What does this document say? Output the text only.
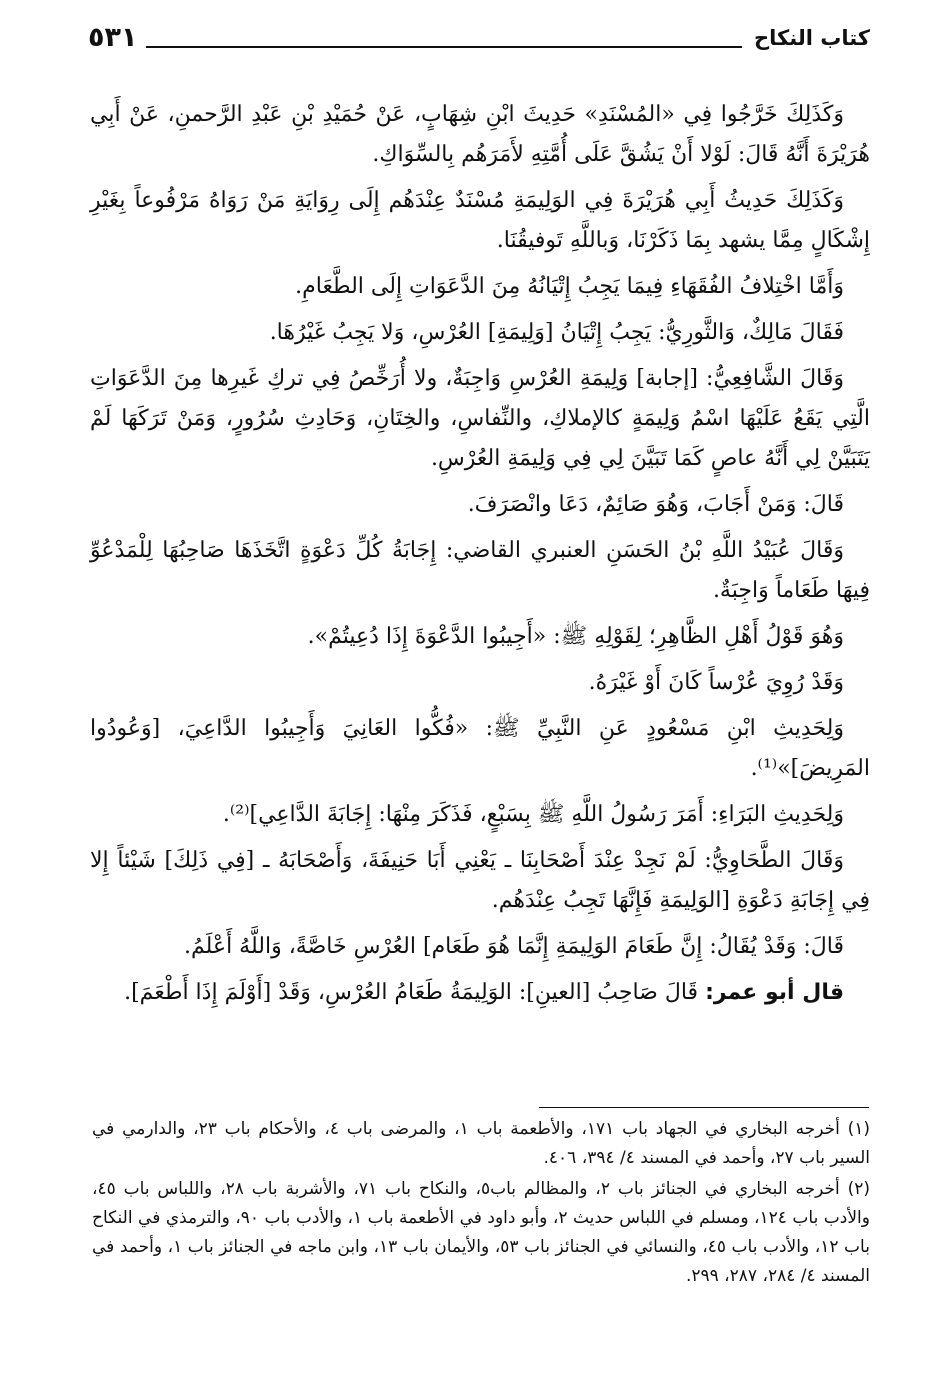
كتاب النكاح
٥٣١

وَكَذَلِكَ خَرَّجُوا فِي «المُسْنَدِ» حَدِيثَ ابْنِ شِهَابٍ، عَنْ حُمَيْدِ بْنِ عَبْدِ الرَّحمنِ، عَنْ أَبِي هُرَيْرَةَ أَنَّهُ قَالَ: لَوْلا أَنْ يَشُقَّ عَلَى أُمَّتِهِ لأَمَرَهُم بِالسِّوَاكِ.

وَكَذَلِكَ حَدِيثُ أَبِي هُرَيْرَةَ فِي الوَلِيمَةِ مُسْنَدٌ عِنْدَهُم إِلَى رِوَايَةِ مَنْ رَوَاهُ مَرْفُوعاً بِغَيْرِ إِشْكَالٍ مِمَّا يشهد بِمَا ذَكَرْنَا، وَباللَّهِ تَوفيقُنَا.

وَأَمَّا اخْتِلافُ الفُقَهَاءِ فِيمَا يَجِبُ إِتْيَانُهُ مِنَ الدَّعَوَاتِ إِلَى الطَّعَامِ.

فَقَالَ مَالِكٌ، وَالثَّورِيُّ: يَجِبُ إِتْيَانُ [وَلِيمَةِ] العُرْسِ، وَلا يَجِبُ غَيْرُهَا.

وَقَالَ الشَّافِعِيُّ: [إجابة] وَلِيمَةِ العُرْسِ وَاجِبَةٌ، ولا أُرَخِّصُ فِي تركِ غَيرِها مِنَ الدَّعَوَاتِ الَّتِي يَقَعُ عَلَيْهَا اسْمُ وَلِيمَةٍ كالإملاكِ، والنِّفاسِ، والخِتَانِ، وَحَادِثِ سُرُورٍ، وَمَنْ تَرَكَهَا لَمْ يَتَبَيَّنْ لِي أَنَّهُ عاصٍ كَمَا تَبَيَّنَ لِي فِي وَلِيمَةِ العُرْسِ.

قَالَ: وَمَنْ أَجَابَ، وَهُوَ صَائِمٌ، دَعَا وانْصَرَفَ.

وَقَالَ عُبَيْدُ اللَّهِ بْنُ الحَسَنِ العنبري القاضي: إِجَابَةُ كُلِّ دَعْوَةٍ اتَّخَذَهَا صَاحِبُهَا لِلْمَدْعُوِّ فِيهَا طَعَاماً وَاجِبَةٌ.

وَهُوَ قَوْلُ أَهْلِ الظَّاهِرِ؛ لِقَوْلِهِ ﷺ: «أَجِيبُوا الدَّعْوَةَ إِذَا دُعِيتُمْ».

وَقَدْ رُوِيَ عُرْساً كَانَ أَوْ غَيْرَهُ.

وَلِحَدِيثِ ابْنِ مَسْعُودٍ عَنِ النَّبِيِّ ﷺ: «فُكُّوا العَانِيَ وَأَجِيبُوا الدَّاعِيَ، [وَعُودُوا المَرِيضَ]»⁽¹⁾.

وَلِحَدِيثِ البَرَاءِ: أَمَرَ رَسُولُ اللَّهِ ﷺ بِسَبْعٍ، فَذَكَرَ مِنْهَا: إِجَابَةَ الدَّاعِي]⁽²⁾.

وَقَالَ الطَّحَاوِيُّ: لَمْ نَجِدْ عِنْدَ أَصْحَابِنَا ـ يَعْنِي أَبَا حَنِيفَةَ، وَأَصْحَابَهُ ـ [فِي ذَلِكَ] شَيْئاً إِلا فِي إِجَابَةِ دَعْوَةِ [الوَلِيمَةِ فَإِنَّهَا تَجِبُ عِنْدَهُم.

قَالَ: وَقَدْ يُقَالُ: إِنَّ طَعَامَ الوَلِيمَةِ إِنَّمَا هُوَ طَعَام] العُرْسِ خَاصَّةً، وَاللَّهُ أَعْلَمُ.

قال أبو عمر: قَالَ صَاحِبُ [العينِ]: الوَلِيمَةُ طَعَامُ العُرْسِ، وَقَدْ [أَوْلَمَ إِذَا أَطْعَمَ].

(١) أخرجه البخاري في الجهاد باب ١٧١، والأطعمة باب ١، والمرضى باب ٤، والأحكام باب ٢٣، والدارمي في السير باب ٢٧، وأحمد في المسند ٤/ ٣٩٤، ٤٠٦.

(٢) أخرجه البخاري في الجنائز باب ٢، والمظالم باب٥، والنكاح باب ٧١، والأشربة باب ٢٨، واللباس باب ٤٥، والأدب باب ١٢٤، ومسلم في اللباس حديث ٢، وأبو داود في الأطعمة باب ١، والأدب باب ٩٠، والترمذي في النكاح باب ١٢، والأدب باب ٤٥، والنسائي في الجنائز باب ٥٣، والأيمان باب ١٣، وابن ماجه في الجنائز باب ١، وأحمد في المسند ٤/ ٢٨٤، ٢٨٧، ٢٩٩.
